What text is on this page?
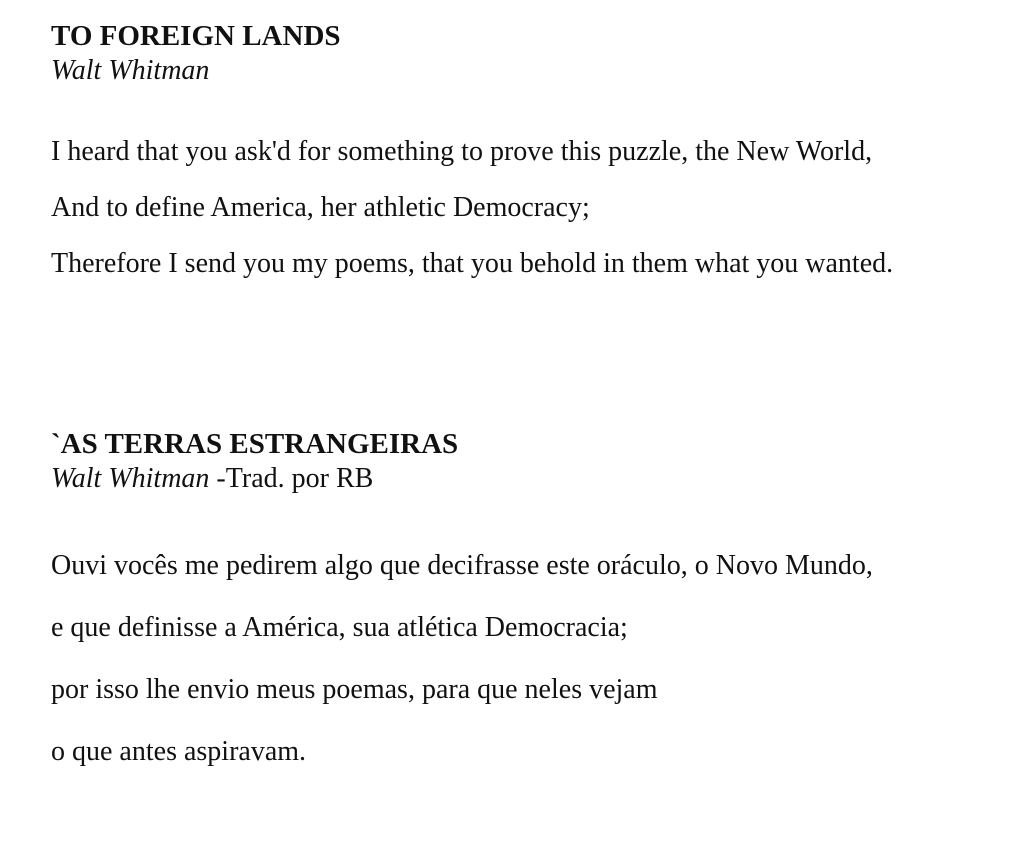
TO FOREIGN LANDS

Walt Whitman

I heard that you ask'd for something to prove this puzzle, the New World,
And to define America, her athletic Democracy;
Therefore I send you my poems, that you behold in them what you wanted.
`AS TERRAS ESTRANGEIRAS

Walt Whitman -Trad. por RB

Ouvi vocês me pedirem algo que decifrasse este oráculo, o Novo Mundo,
e que definisse a América, sua atlética Democracia;
por isso lhe envio meus poemas, para que neles vejam
o que antes aspiravam.
